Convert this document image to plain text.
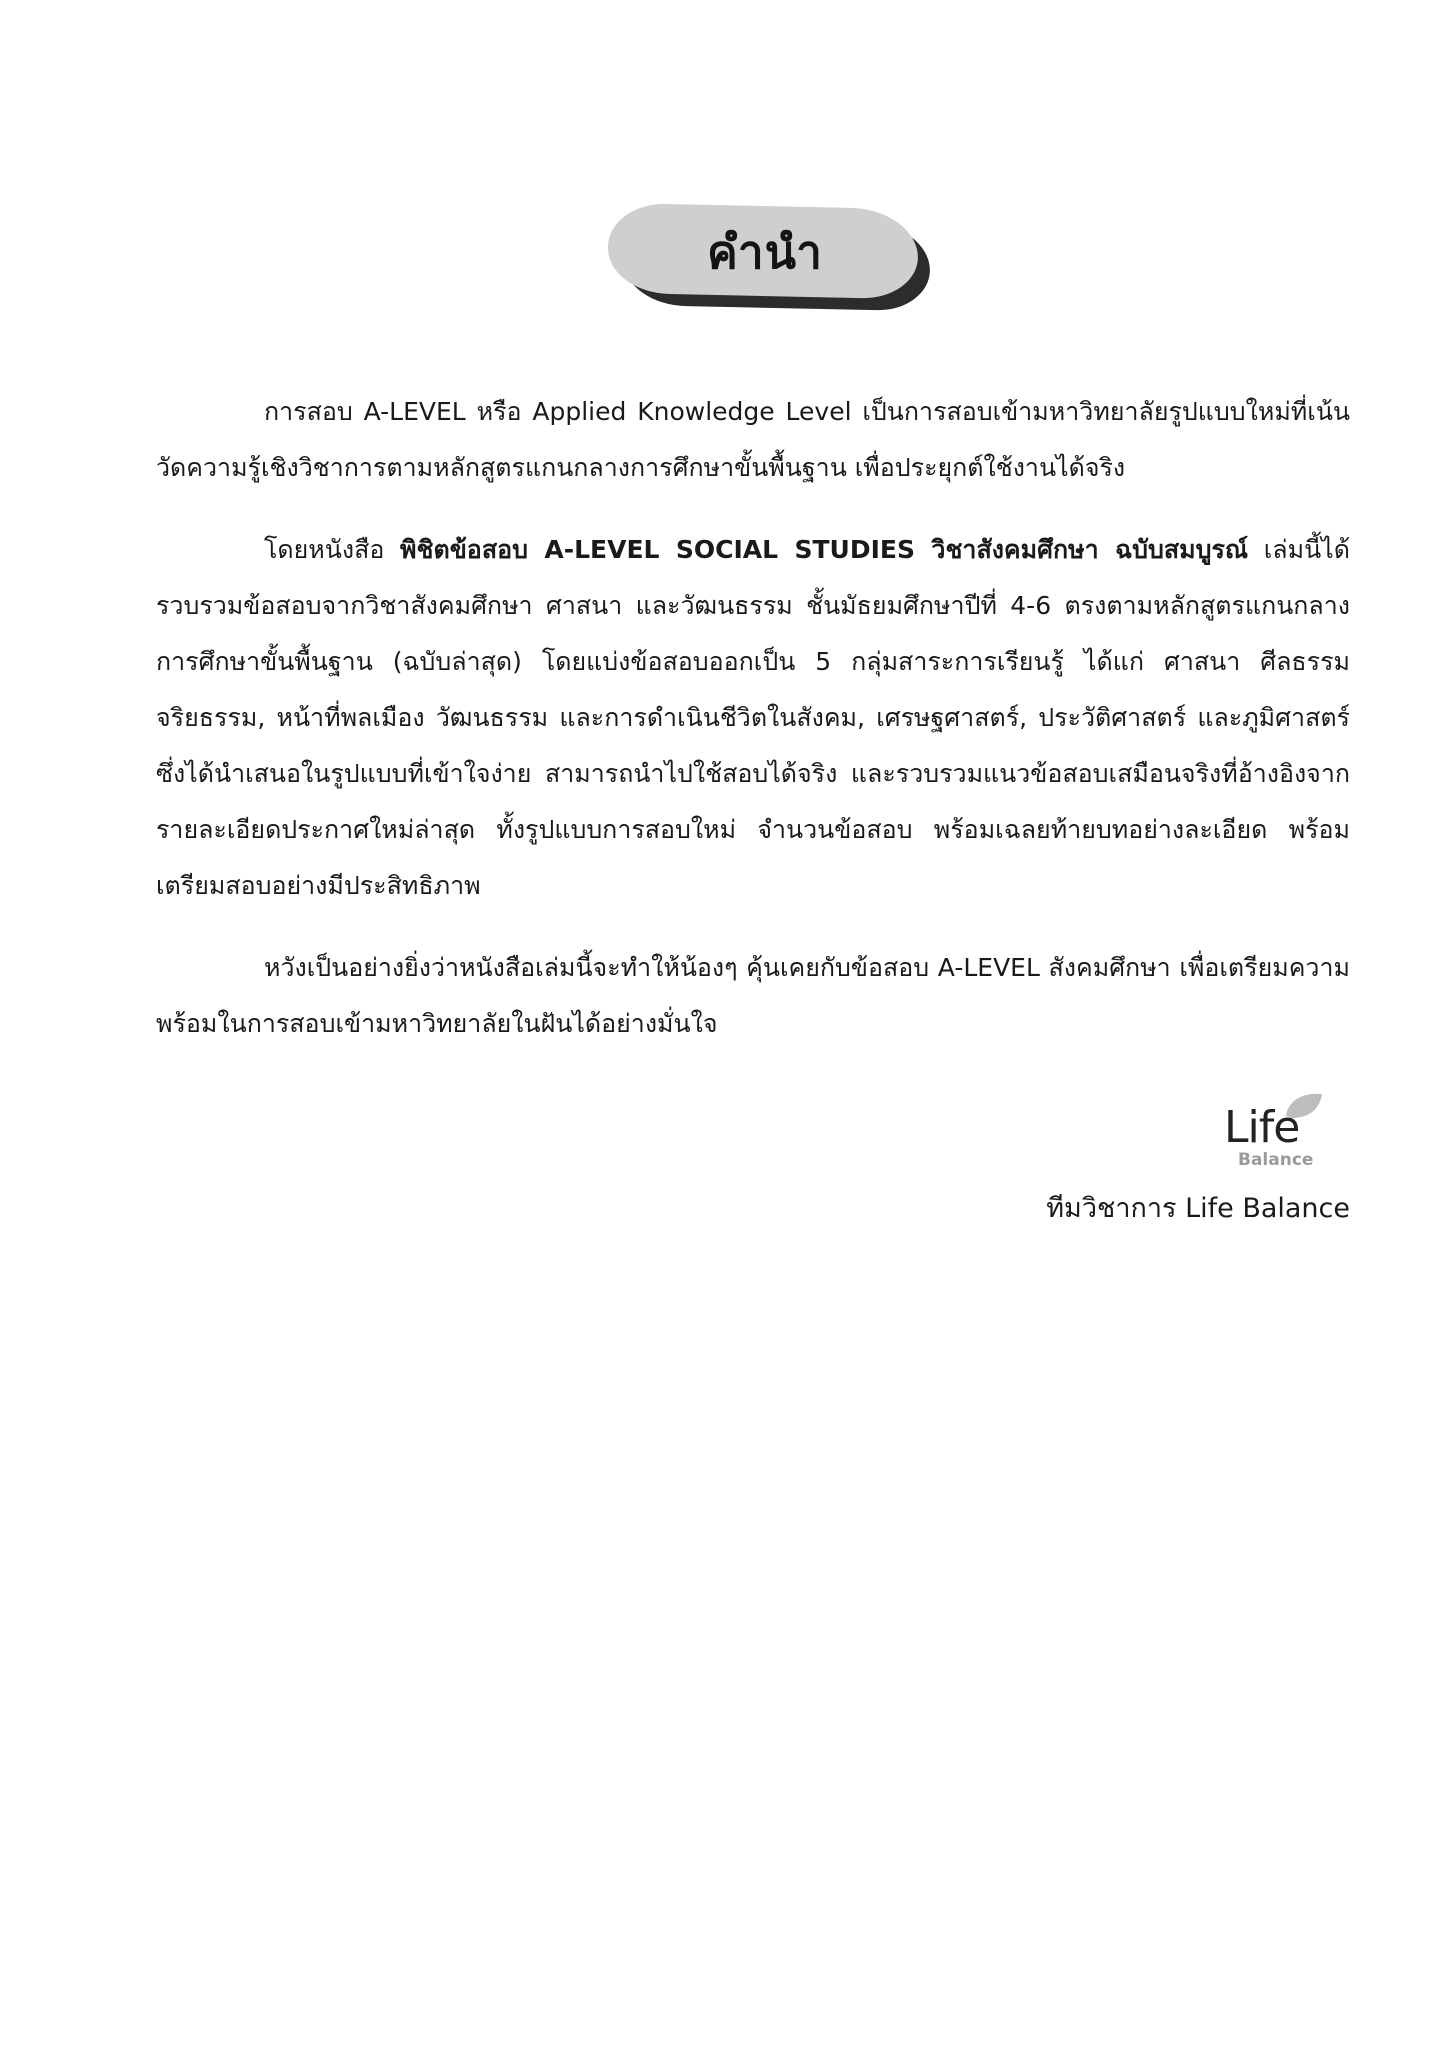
คำนำ

การสอบ A-LEVEL หรือ Applied Knowledge Level เป็นการสอบเข้ามหาวิทยาลัยรูปแบบใหม่ที่เน้นวัดความรู้เชิงวิชาการตามหลักสูตรแกนกลางการศึกษาขั้นพื้นฐาน เพื่อประยุกต์ใช้งานได้จริง

โดยหนังสือ พิชิตข้อสอบ A-LEVEL SOCIAL STUDIES วิชาสังคมศึกษา ฉบับสมบูรณ์ เล่มนี้ได้รวบรวมข้อสอบจากวิชาสังคมศึกษา ศาสนา และวัฒนธรรม ชั้นมัธยมศึกษาปีที่ 4-6 ตรงตามหลักสูตรแกนกลางการศึกษาขั้นพื้นฐาน (ฉบับล่าสุด) โดยแบ่งข้อสอบออกเป็น 5 กลุ่มสาระการเรียนรู้ ได้แก่ ศาสนา ศีลธรรม จริยธรรม, หน้าที่พลเมือง วัฒนธรรม และการดำเนินชีวิตในสังคม, เศรษฐศาสตร์, ประวัติศาสตร์ และภูมิศาสตร์ ซึ่งได้นำเสนอในรูปแบบที่เข้าใจง่าย สามารถนำไปใช้สอบได้จริง และรวบรวมแนวข้อสอบเสมือนจริงที่อ้างอิงจากรายละเอียดประกาศใหม่ล่าสุด ทั้งรูปแบบการสอบใหม่ จำนวนข้อสอบ พร้อมเฉลยท้ายบทอย่างละเอียด พร้อมเตรียมสอบอย่างมีประสิทธิภาพ

หวังเป็นอย่างยิ่งว่าหนังสือเล่มนี้จะทำให้น้องๆ คุ้นเคยกับข้อสอบ A-LEVEL สังคมศึกษา เพื่อเตรียมความพร้อมในการสอบเข้ามหาวิทยาลัยในฝันได้อย่างมั่นใจ

Life
Balance
ทีมวิชาการ Life Balance
